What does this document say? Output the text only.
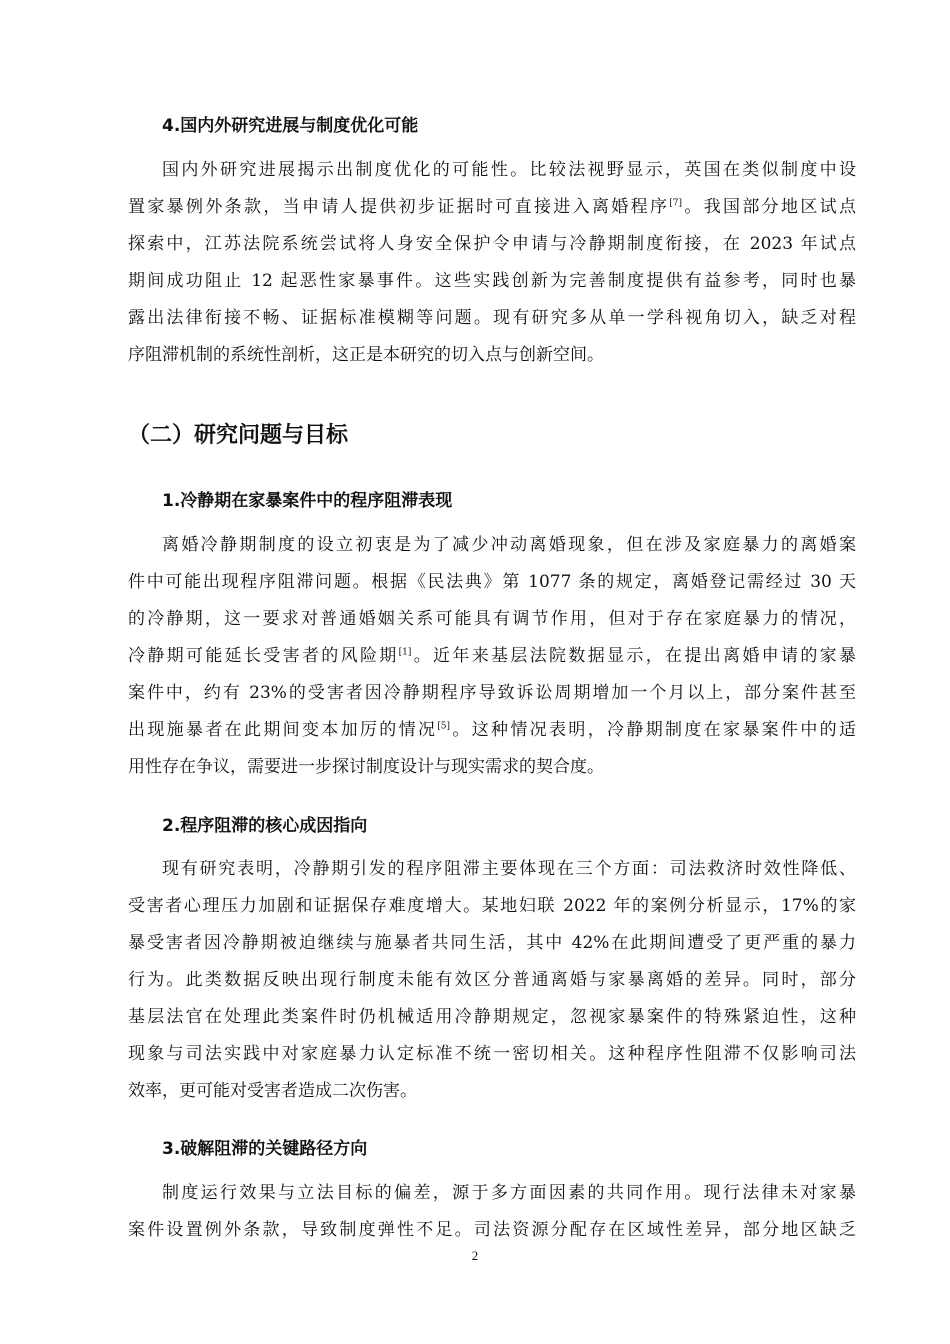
4.国内外研究进展与制度优化可能
国内外研究进展揭示出制度优化的可能性。比较法视野显示，英国在类似制度中设
置家暴例外条款，当申请人提供初步证据时可直接进入离婚程序[7]。我国部分地区试点
探索中，江苏法院系统尝试将人身安全保护令申请与冷静期制度衔接，在 2023 年试点
期间成功阻止 12 起恶性家暴事件。这些实践创新为完善制度提供有益参考，同时也暴
露出法律衔接不畅、证据标准模糊等问题。现有研究多从单一学科视角切入，缺乏对程
序阻滞机制的系统性剖析，这正是本研究的切入点与创新空间。
（二）研究问题与目标
1.冷静期在家暴案件中的程序阻滞表现
离婚冷静期制度的设立初衷是为了减少冲动离婚现象，但在涉及家庭暴力的离婚案
件中可能出现程序阻滞问题。根据《民法典》第 1077 条的规定，离婚登记需经过 30 天
的冷静期，这一要求对普通婚姻关系可能具有调节作用，但对于存在家庭暴力的情况，
冷静期可能延长受害者的风险期[1]。近年来基层法院数据显示，在提出离婚申请的家暴
案件中，约有 23%的受害者因冷静期程序导致诉讼周期增加一个月以上，部分案件甚至
出现施暴者在此期间变本加厉的情况[5]。这种情况表明，冷静期制度在家暴案件中的适
用性存在争议，需要进一步探讨制度设计与现实需求的契合度。
2.程序阻滞的核心成因指向
现有研究表明，冷静期引发的程序阻滞主要体现在三个方面：司法救济时效性降低、
受害者心理压力加剧和证据保存难度增大。某地妇联 2022 年的案例分析显示，17%的家
暴受害者因冷静期被迫继续与施暴者共同生活，其中 42%在此期间遭受了更严重的暴力
行为。此类数据反映出现行制度未能有效区分普通离婚与家暴离婚的差异。同时，部分
基层法官在处理此类案件时仍机械适用冷静期规定，忽视家暴案件的特殊紧迫性，这种
现象与司法实践中对家庭暴力认定标准不统一密切相关。这种程序性阻滞不仅影响司法
效率，更可能对受害者造成二次伤害。
3.破解阻滞的关键路径方向
制度运行效果与立法目标的偏差，源于多方面因素的共同作用。现行法律未对家暴
案件设置例外条款，导致制度弹性不足。司法资源分配存在区域性差异，部分地区缺乏
2
